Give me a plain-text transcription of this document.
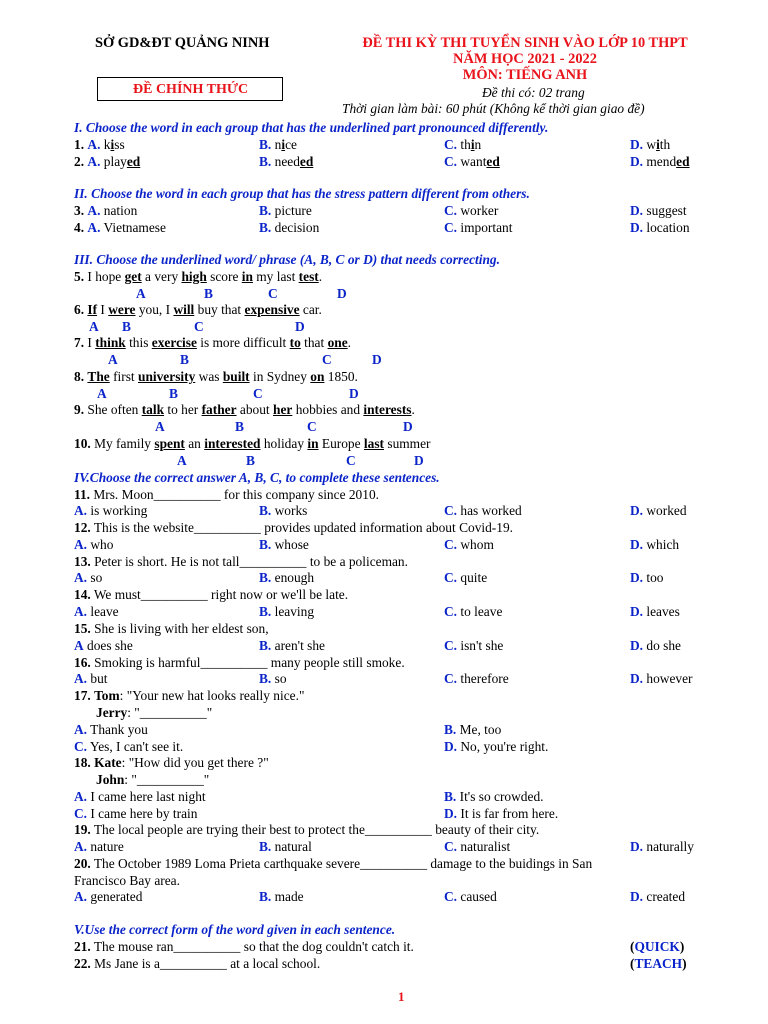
SỞ GD&ĐT QUẢNG NINH
ĐỀ CHÍNH THỨC
ĐỀ THI KỲ THI TUYỂN SINH VÀO LỚP 10 THPT
NĂM HỌC 2021 - 2022
MÔN: TIẾNG ANH
Đề thi có: 02 trang
Thời gian làm bài: 60 phút (Không kể thời gian giao đề)
I. Choose the word in each group that has the underlined part pronounced differently.
1. A. kiss	B. nice	C. thin	D. with
2. A. played	B. needed	C. wanted	D. mended
II. Choose the word in each group that has the stress pattern different from others.
3. A. nation	B. picture	C. worker	D. suggest
4. A. Vietnamese	B. decision	C. important	D. location
III. Choose the underlined word/ phrase (A, B, C or D) that needs correcting.
5. I hope get a very high score in my last test.
A	B	C	D
6. If I were you, I will buy that expensive car.
A B	C	D
7. I think this exercise is more difficult to that one.
A	B	C	D
8. The first university was built in Sydney on 1850.
A	B	C	D
9. She often talk to her father about her hobbies and interests.
A	B	C	D
10. My family spent an interested holiday in Europe last summer
A	B	C	D
IV.Choose the correct answer A, B, C, to complete these sentences.
11. Mrs. Moon__________ for this company since 2010.
A. is working	B. works	C. has worked	D. worked
12. This is the website__________ provides updated information about Covid-19.
A. who	B. whose	C. whom	D. which
13. Peter is short. He is not tall__________ to be a policeman.
A. so	B. enough	C. quite	D. too
14. We must__________ right now or we'll be late.
A. leave	B. leaving	C. to leave	D. leaves
15. She is living with her eldest son,
A does she	B. aren't she	C. isn't she	D. do she
16. Smoking is harmful__________ many people still smoke.
A. but	B. so	C. therefore	D. however
17. Tom: "Your new hat looks really nice."
Jerry: "__________"
A. Thank you	B. Me, too
C. Yes, I can't see it.	D. No, you're right.
18. Kate: "How did you get there ?"
John: "__________"
A. I came here last night	B. It's so crowded.
C. I came here by train	D. It is far from here.
19. The local people are trying their best to protect the__________ beauty of their city.
A. nature	B. natural	C. naturalist	D. naturally
20. The October 1989 Loma Prieta carthquake severe__________ damage to the buidings in San
Francisco Bay area.
A. generated	B. made	C. caused	D. created
V.Use the correct form of the word given in each sentence.
21. The mouse ran__________ so that the dog couldn't catch it.	(QUICK)
22. Ms Jane is a__________ at a local school.	(TEACH)
1
